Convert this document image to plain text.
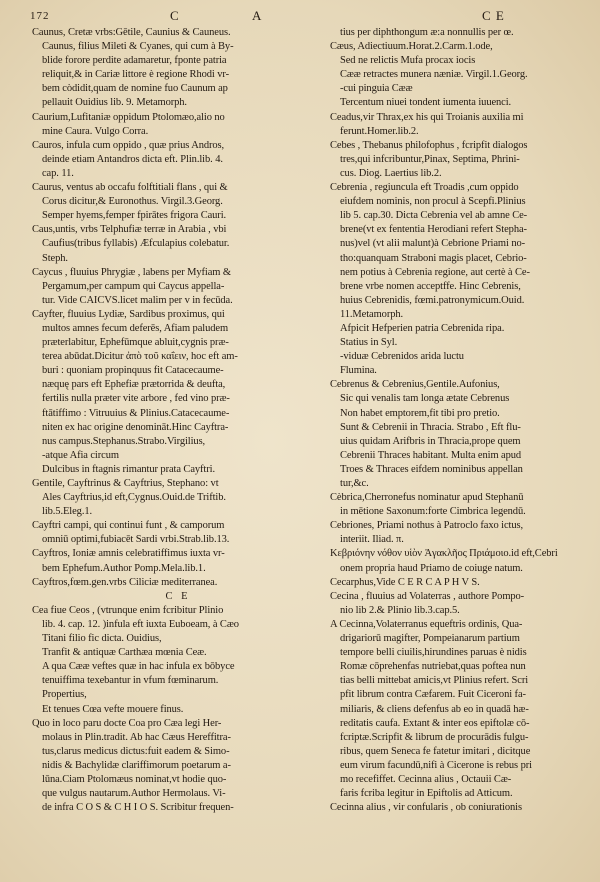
172	C	A	C E
Caunus, Cretæ vrbs:Gētile, Caunius & Cauneus.
Caunus, filius Mileti & Cyanes, qui cum à By-
blide forore perdite adamaretur, fponte patria
reliquit,& in Cariæ littore è regione Rhodi vr-
bem còdidit,quam de nomine fuo Caunum ap
pellauit Ouidius lib. 9. Metamorph.
Caurium,Lufitaniæ oppidum Ptolomæo,alio no
mine Caura. Vulgo Corra.
Cauros, infula cum oppido , quæ prius Andros,
deinde etiam Antandros dicta eft. Plin.lib. 4.
cap. 11.
Caurus, ventus ab occafu folftitiali flans , qui &
Corus dicitur,& Euronothus. Virgil.3.Georg.
Semper hyems,femper fpirātes frigora Cauri.
Caus,untis, vrbs Telphufiæ terræ in Arabia , vbi
Caufius(tribus fyllabis) Æfculapius colebatur.
Steph.
Caycus , fluuius Phrygiæ , labens per Myfiam &
Pergamum,per campum qui Caycus appella-
tur. Vide CAICVS.licet malim per v in fecūda.
Cayfter, fluuius Lydiæ, Sardibus proximus, qui
multos amnes fecum deferēs, Afiam paludem
præterlabitur, Ephefūmque abluit,cygnis præ-
terea abūdat.Dicitur ἀπὸ τοῦ καΐειν, hoc eft am-
buri : quoniam propinquus fit Catacecaume-
næquę pars eft Ephefiæ prætorrida & deufta,
fertilis nulla præter vite arbore , fed vino præ-
ftātiffimo : Vitruuius & Plinius.Catacecaume-
niten ex hac origine denomināt.Hinc Cayftra-
nus campus.Stephanus.Strabo.Virgilius,
-atque Afia circum
Dulcibus in ftagnis rimantur prata Cayftri.
Gentile, Cayftrinus & Cayftrius, Stephano: vt
Ales Cayftrius,id eft,Cygnus.Ouid.de Triftib.
lib.5.Eleg.1.
Cayftri campi, qui continui funt , & camporum
omniū optimi,fubiacēt Sardi vrbi.Strab.lib.13.
Cayftros, Ioniæ amnis celebratiffimus iuxta vr-
bem Ephefum.Author Pomp.Mela.lib.1.
Cayftros,fœm.gen.vrbs Ciliciæ mediterranea.
C E
Cea fiue Ceos , (vtrunque enim fcribitur Plinio
lib. 4. cap. 12. )infula eft iuxta Euboeam, à Cæo
Titani filio fic dicta. Ouidius,
Tranfit & antiquæ Carthæa mœnia Ceæ.
A qua Cææ veftes quæ in hac infula ex bōbyce
tenuiffima texebantur in vfum fœminarum.
Propertius,
Et tenues Cœa vefte mouere finus.
Quo in loco paru docte Coa pro Cæa legi Her-
molaus in Plin.tradit. Ab hac Cæus Hereffitra-
tus,clarus medicus dictus:fuit eadem & Simo-
nidis & Bachylidæ clariffimorum poetarum a-
lūna.Ciam Ptolomæus nominat,vt hodie quo-
que vulgus nautarum.Author Hermolaus. Vi-
de infra C O S & C H I O S. Scribitur frequen-
tius per diphthongum æ:a nonnullis per œ.
Cæus, Adiectiuum.Horat.2.Carm.1.ode,
Sed ne relictis Mufa procax iocis
Cææ retractes munera næniæ. Virgil.1.Georg.
-cui pinguia Cææ
Tercentum niuei tondent iumenta iuuenci.
Ceadus,vir Thrax,ex his qui Troianis auxilia mi
ferunt.Homer.lib.2.
Cebes , Thebanus philofophus , fcripfit dialogos
tres,qui infcribuntur,Pinax, Septima, Phrini-
cus. Diog. Laertius lib.2.
Cebrenia , regiuncula eft Troadis ,cum oppido
eiufdem nominis, non procul à Scepfi.Plinius
lib 5. cap.30. Dicta Cebrenia vel ab amne Ce-
brene(vt ex fententia Herodiani refert Stepha-
nus)vel (vt alii malunt)à Cebrione Priami no-
tho:quanquam Straboni magis placet, Cebrio-
nem potius à Cebrenia regione, aut certè à Ce-
brene vrbe nomen acceptffe. Hinc Cebrenis,
huius Cebrenidis, fœmi.patronymicum.Ouid.
11.Metamorph.
Afpicit Hefperien patria Cebrenida ripa.
Statius in Syl.
-viduæ Cebrenidos arida luctu
Flumina.
Cebrenus & Cebrenius,Gentile.Aufonius,
Sic qui venalis tam longa ætate Cebrenus
Non habet emptorem,fit tibi pro pretio.
Sunt & Cebrenii in Thracia. Strabo , Eft flu-
uius quidam Arifbris in Thracia,prope quem
Cebrenii Thraces habitant. Multa enim apud
Troes & Thraces eifdem nominibus appellan
tur,&c.
Cèbrica,Cherronefus nominatur apud Stephanū
in mētione Saxonum:forte Cimbrica legendū.
Cebriones, Priami nothus à Patroclo faxo ictus,
interiit. Iliad. π.
Κεβριόνην νόθον υἱὸν Ἀγακλῆος Πριάμοιο.id eft,Cebri
onem propria haud Priamo de coiuge natum.
Cecarphus,Vide C E R C A P H V S.
Cecina , fluuius ad Volaterras , authore Pompo-
nio lib 2.& Plinio lib.3.cap.5.
A Cecinna,Volaterranus equeftris ordinis, Qua-
drigariorū magifter, Pompeianarum partium
tempore belli ciuilis,hirundines paruas è nidis
Romæ cōprehenfas nutriebat,quas poftea nun
tias belli mittebat amicis,vt Plinius refert. Scri
pfit librum contra Cæfarem. Fuit Ciceroni fa-
miliaris, & cliens defenfus ab eo in quadā hæ-
reditatis caufa. Extant & inter eos epiftolæ cō-
fcriptæ.Scripfit & librum de procurādis fulgu-
ribus, quem Seneca fe fatetur imitari , dicitque
eum virum facundū,nifi à Cicerone is rebus pri
mo recefiffet. Cecinna alius , Octauii Cæ-
faris fcriba legitur in Epiftolis ad Atticum.
Cecinna alius , vir confularis , ob coniurationis
